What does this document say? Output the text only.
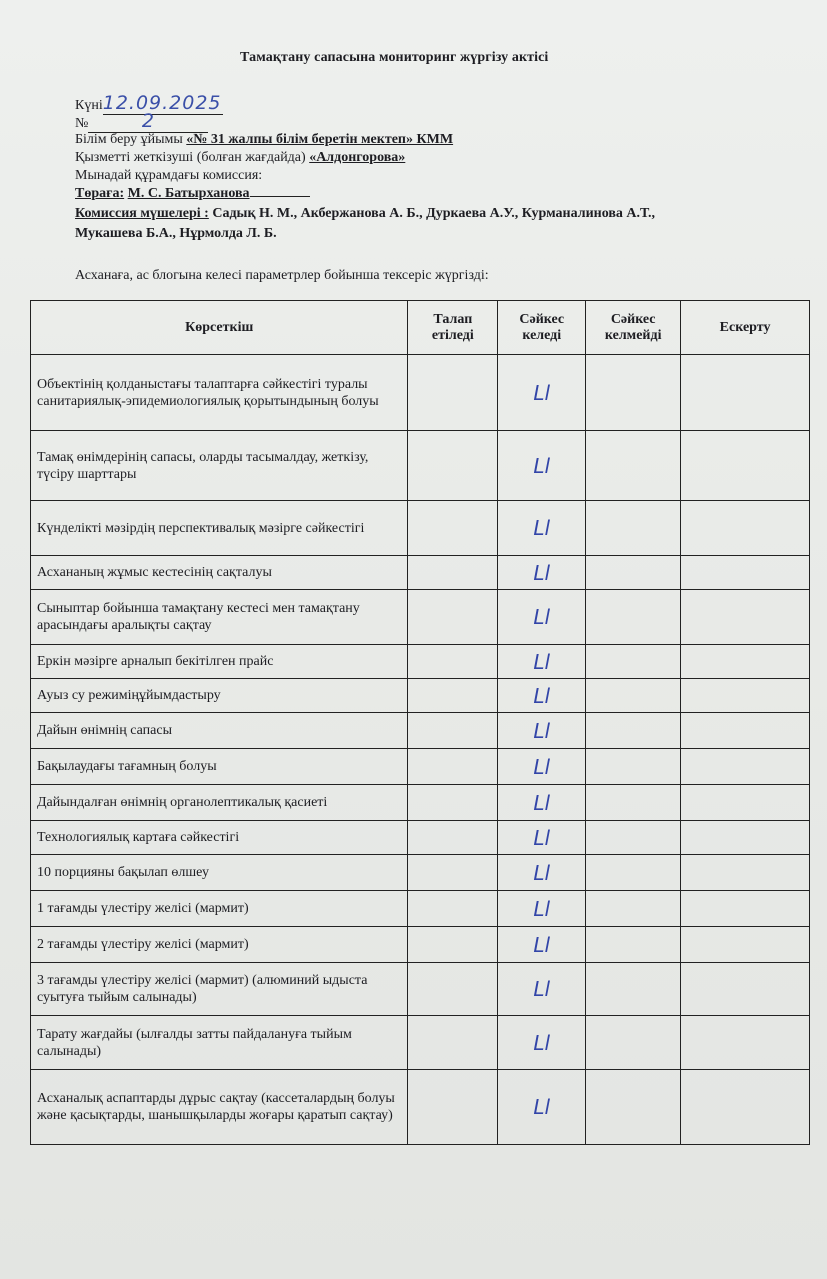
Тамақтану сапасына мониторинг жүргізу актісі
Күні12.09.2025
№	2
Білім беру ұйымы «№ 31 жалпы білім беретін мектеп» КММ
Қызметті жеткізуші (болған жағдайда) «Алдонгорова»
Мынадай құрамдағы комиссия:
Төраға: М. С. Батырханова
Комиссия мүшелері : Садық Н. М., Акбержанова А. Б., Дуркаева А.У., Курманалинова А.Т.,
Мукашева Б.А., Нұрмолда Л. Б.
Асханаға, ас блогына келесі параметрлер бойынша тексеріс жүргізді:
Көрсеткіш	Талап етіледі	Сәйкес келеді	Сәйкес келмейді	Ескерту
Объектінің қолданыстағы талаптарға сәйкестігі туралы санитариялық-эпидемиологиялық қорытындының болуы		Ⅼⅼ		
Тамақ өнімдерінің сапасы, оларды тасымалдау, жеткізу, түсіру шарттары		Ⅼⅼ		
Күнделікті мәзірдің перспективалық мәзірге сәйкестігі		Ⅼⅼ		
Асхананың жұмыс кестесінің сақталуы		Ⅼⅼ		
Сыныптар бойынша тамақтану кестесі мен тамақтану арасындағы аралықты сақтау		Ⅼⅼ		
Еркін мәзірге арналып бекітілген прайс		Ⅼⅼ		
Ауыз су режиміңұйымдастыру		Ⅼⅼ		
Дайын өнімнің сапасы		Ⅼⅼ		
Бақылаудағы тағамның болуы		Ⅼⅼ		
Дайындалған өнімнің органолептикалық қасиеті		Ⅼⅼ		
Технологиялық картаға сәйкестігі		Ⅼⅼ		
10 порцияны бақылап өлшеу		Ⅼⅼ		
1 тағамды үлестіру желісі (мармит)		Ⅼⅼ		
2 тағамды үлестіру желісі (мармит)		Ⅼⅼ		
3 тағамды үлестіру желісі (мармит) (алюминий ыдыста суытуға тыйым салынады)		Ⅼⅼ		
Тарату жағдайы (ылғалды затты пайдалануға тыйым салынады)		Ⅼⅼ		
Асханалық аспаптарды дұрыс сақтау (кассеталардың болуы және қасықтарды, шанышқыларды жоғары қаратып сақтау)		Ⅼⅼ		
